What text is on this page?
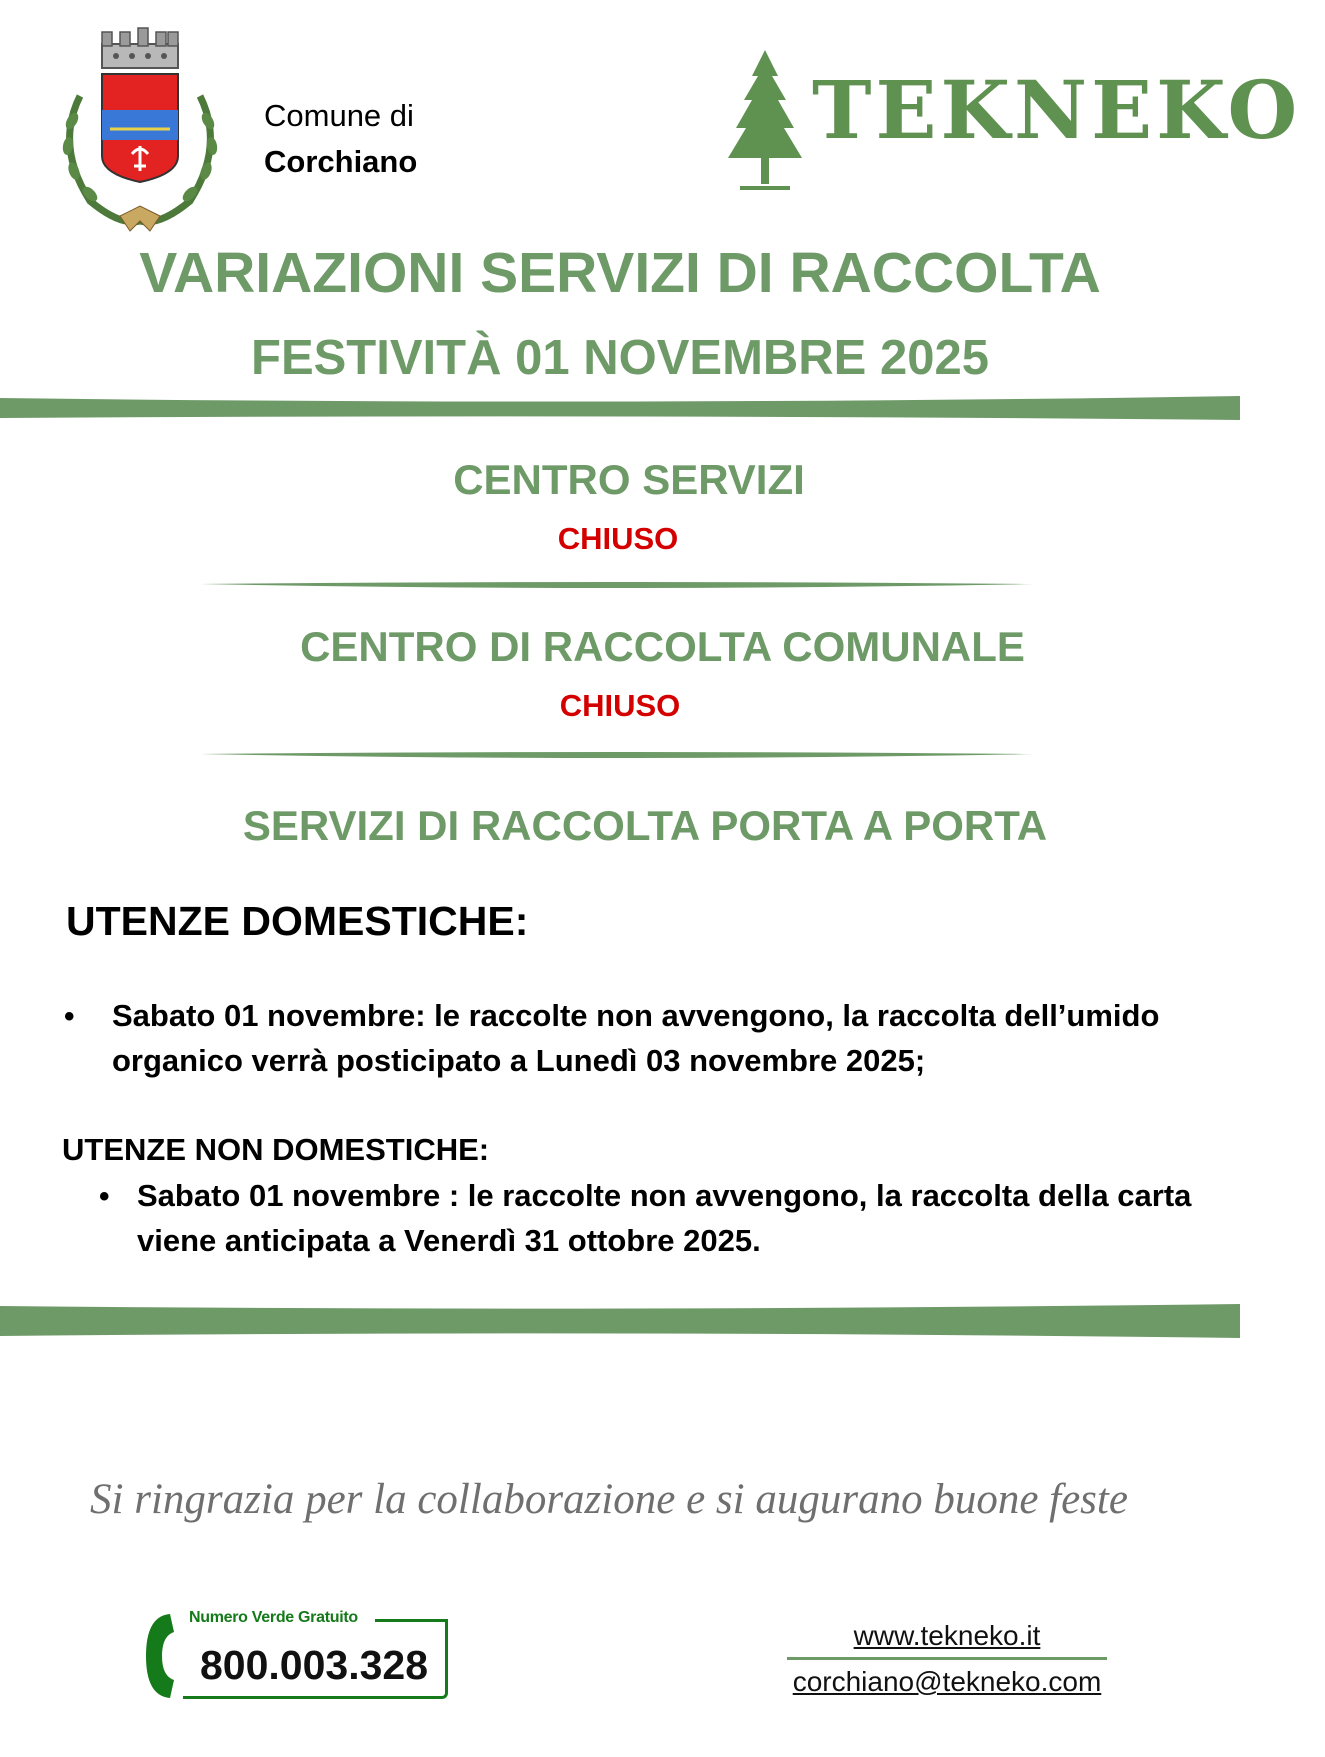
Comune di
Corchiano
TEKNEKO
VARIAZIONI SERVIZI DI RACCOLTA
FESTIVITÀ 01 NOVEMBRE 2025
CENTRO SERVIZI
CHIUSO
CENTRO DI RACCOLTA COMUNALE
CHIUSO
SERVIZI DI RACCOLTA PORTA A PORTA
UTENZE DOMESTICHE:
• Sabato 01 novembre: le raccolte non avvengono, la raccolta dell’umido organico verrà posticipato a Lunedì 03 novembre 2025;
UTENZE NON DOMESTICHE:
• Sabato 01 novembre : le raccolte non avvengono, la raccolta della carta viene anticipata a Venerdì 31 ottobre 2025.
Si ringrazia per la collaborazione e si augurano buone feste
Numero Verde Gratuito
800.003.328
www.tekneko.it
corchiano@tekneko.com
